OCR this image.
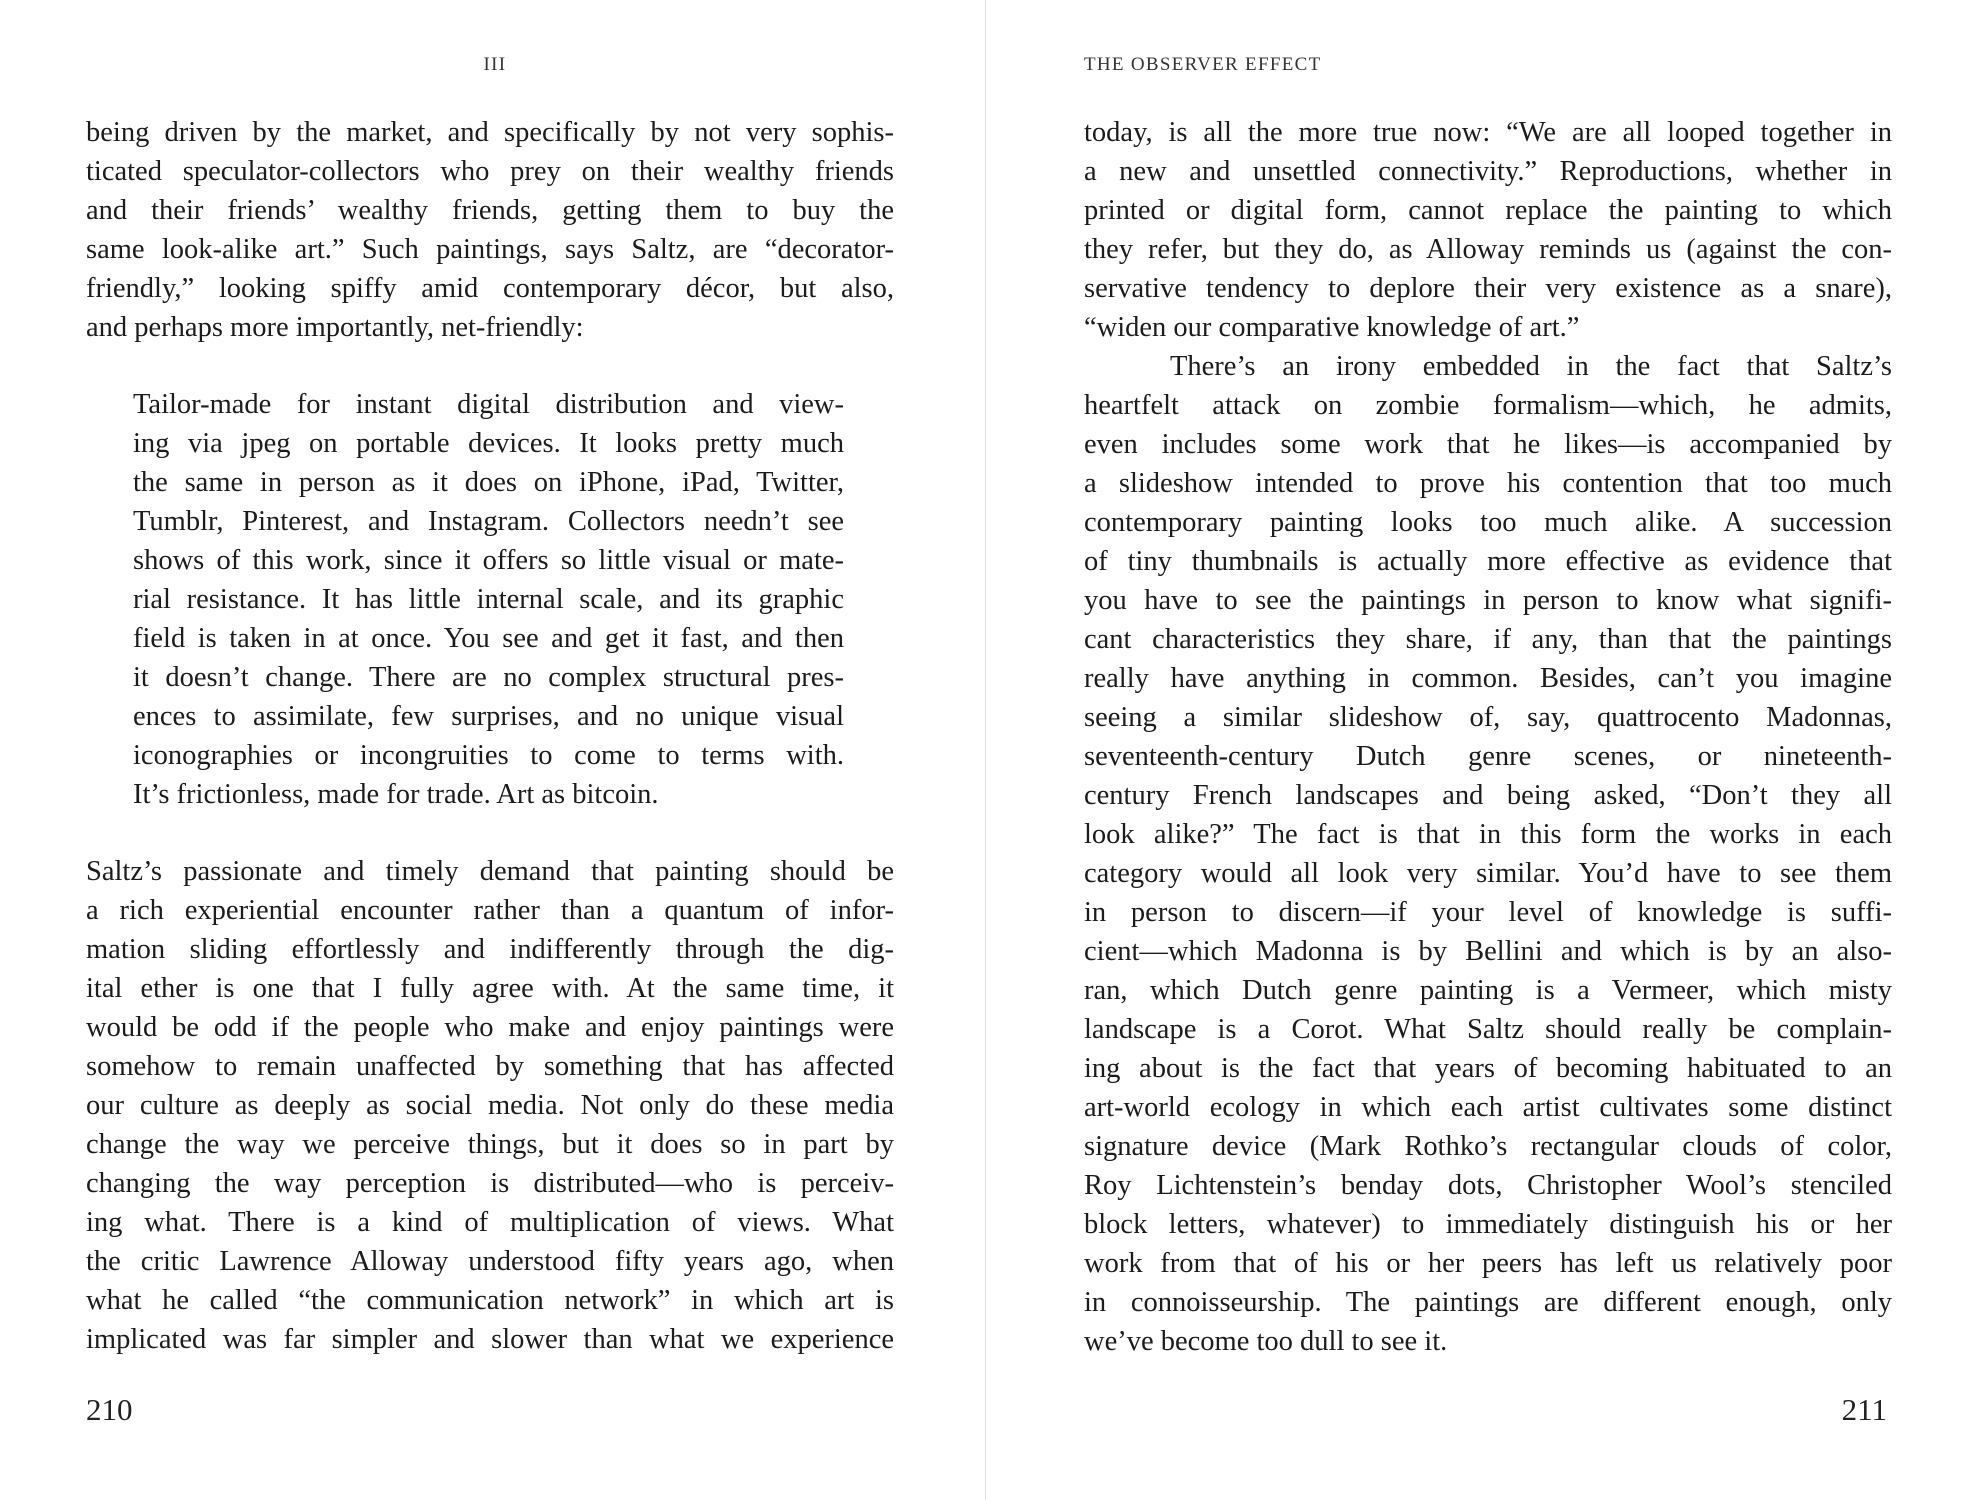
III
being driven by the market, and specifically by not very sophis-
ticated speculator-collectors who prey on their wealthy friends
and their friends’ wealthy friends, getting them to buy the
same look-alike art.” Such paintings, says Saltz, are “decorator-
friendly,” looking spiffy amid contemporary décor, but also,
and perhaps more importantly, net-friendly:
Tailor-made for instant digital distribution and view-
ing via jpeg on portable devices. It looks pretty much
the same in person as it does on iPhone, iPad, Twitter,
Tumblr, Pinterest, and Instagram. Collectors needn’t see
shows of this work, since it offers so little visual or mate-
rial resistance. It has little internal scale, and its graphic
field is taken in at once. You see and get it fast, and then
it doesn’t change. There are no complex structural pres-
ences to assimilate, few surprises, and no unique visual
iconographies or incongruities to come to terms with.
It’s frictionless, made for trade. Art as bitcoin.
Saltz’s passionate and timely demand that painting should be
a rich experiential encounter rather than a quantum of infor-
mation sliding effortlessly and indifferently through the dig-
ital ether is one that I fully agree with. At the same time, it
would be odd if the people who make and enjoy paintings were
somehow to remain unaffected by something that has affected
our culture as deeply as social media. Not only do these media
change the way we perceive things, but it does so in part by
changing the way perception is distributed—who is perceiv-
ing what. There is a kind of multiplication of views. What
the critic Lawrence Alloway understood fifty years ago, when
what he called “the communication network” in which art is
implicated was far simpler and slower than what we experience
210
THE OBSERVER EFFECT
today, is all the more true now: “We are all looped together in
a new and unsettled connectivity.” Reproductions, whether in
printed or digital form, cannot replace the painting to which
they refer, but they do, as Alloway reminds us (against the con-
servative tendency to deplore their very existence as a snare),
“widen our comparative knowledge of art.”
There’s an irony embedded in the fact that Saltz’s
heartfelt attack on zombie formalism—which, he admits,
even includes some work that he likes—is accompanied by
a slideshow intended to prove his contention that too much
contemporary painting looks too much alike. A succession
of tiny thumbnails is actually more effective as evidence that
you have to see the paintings in person to know what signifi-
cant characteristics they share, if any, than that the paintings
really have anything in common. Besides, can’t you imagine
seeing a similar slideshow of, say, quattrocento Madonnas,
seventeenth-century Dutch genre scenes, or nineteenth-
century French landscapes and being asked, “Don’t they all
look alike?” The fact is that in this form the works in each
category would all look very similar. You’d have to see them
in person to discern—if your level of knowledge is suffi-
cient—which Madonna is by Bellini and which is by an also-
ran, which Dutch genre painting is a Vermeer, which misty
landscape is a Corot. What Saltz should really be complain-
ing about is the fact that years of becoming habituated to an
art-world ecology in which each artist cultivates some distinct
signature device (Mark Rothko’s rectangular clouds of color,
Roy Lichtenstein’s benday dots, Christopher Wool’s stenciled
block letters, whatever) to immediately distinguish his or her
work from that of his or her peers has left us relatively poor
in connoisseurship. The paintings are different enough, only
we’ve become too dull to see it.
211
